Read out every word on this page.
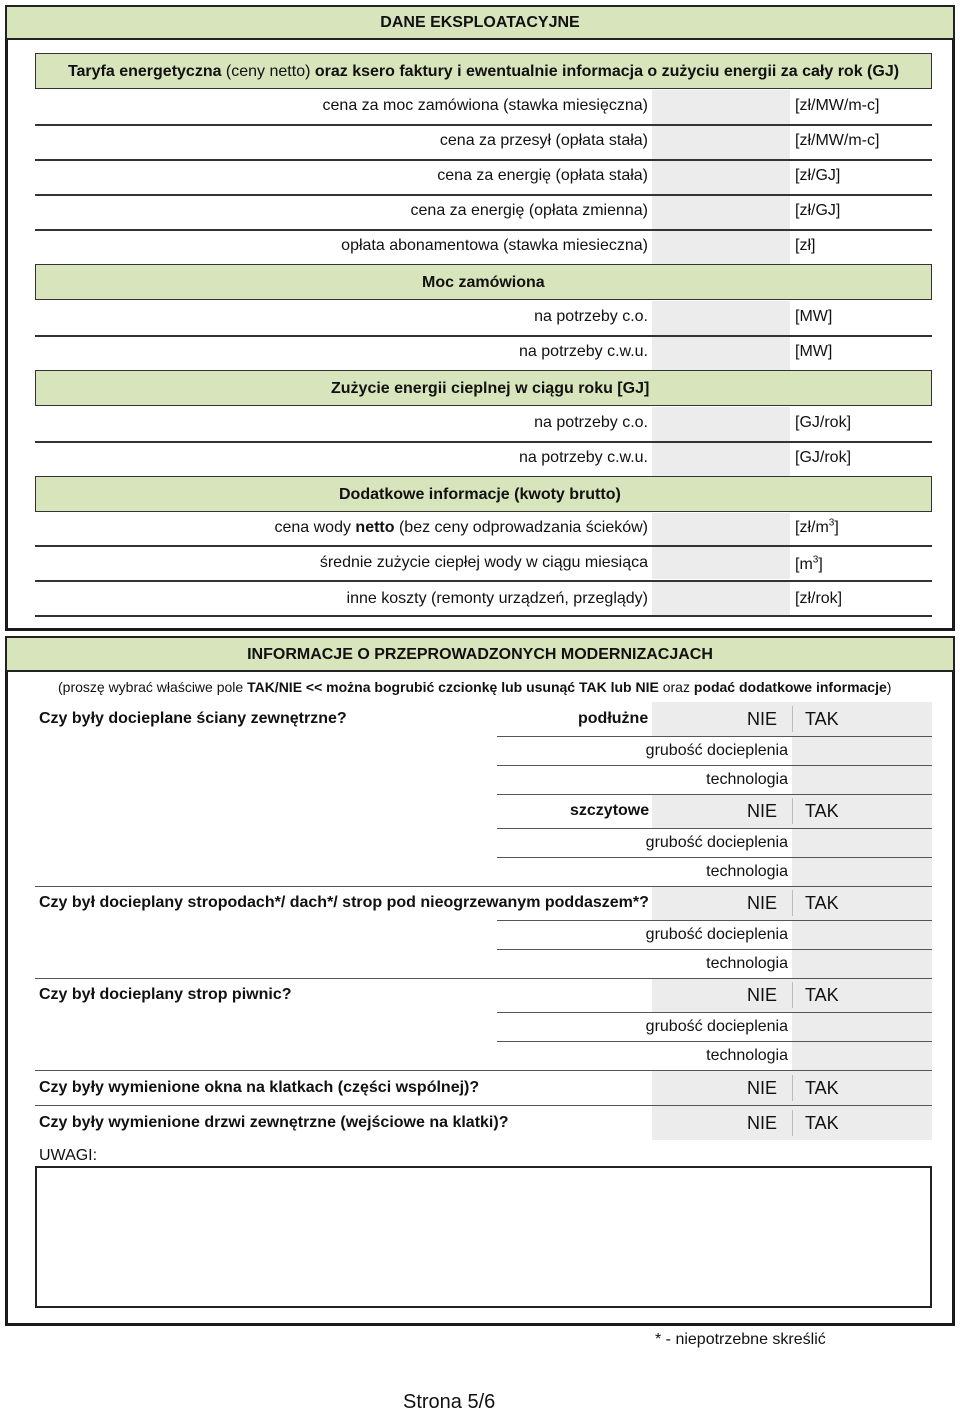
DANE EKSPLOATACYJNE
Taryfa energetyczna (ceny netto) oraz ksero faktury i ewentualnie informacja o zużyciu energii za cały rok (GJ)
cena za moc zamówiona (stawka miesięczna)	[zł/MW/m-c]
cena za przesył (opłata stała)	[zł/MW/m-c]
cena za energię (opłata stała)	[zł/GJ]
cena za energię (opłata zmienna)	[zł/GJ]
opłata abonamentowa (stawka miesieczna)	[zł]
Moc zamówiona
na potrzeby c.o.	[MW]
na potrzeby c.w.u.	[MW]
Zużycie energii cieplnej w ciągu roku [GJ]
na potrzeby c.o.	[GJ/rok]
na potrzeby c.w.u.	[GJ/rok]
Dodatkowe informacje (kwoty brutto)
cena wody netto (bez ceny odprowadzania ścieków)	$[zł/m^3]$
średnie zużycie ciepłej wody w ciągu miesiąca	$[m^3]$
inne koszty (remonty urządzeń, przeglądy)	[zł/rok]
INFORMACJE O PRZEPROWADZONYCH MODERNIZACJACH
(proszę wybrać właściwe pole TAK/NIE << można bogrubić czcionkę lub usunąć TAK lub NIE oraz podać dodatkowe informacje)
Czy były docieplane ściany zewnętrzne?	podłużne	NIE TAK
grubość docieplenia
technologia
szczytowe	NIE TAK
grubość docieplenia
technologia
Czy był docieplany stropodach*/ dach*/ strop pod nieogrzewanym poddaszem*?	NIE TAK
grubość docieplenia
technologia
Czy był docieplany strop piwnic?	NIE TAK
grubość docieplenia
technologia
Czy były wymienione okna na klatkach (części wspólnej)?	NIE TAK
Czy były wymienione drzwi zewnętrzne (wejściowe na klatki)?	NIE TAK
UWAGI:
* - niepotrzebne skreślić
Strona 5/6
